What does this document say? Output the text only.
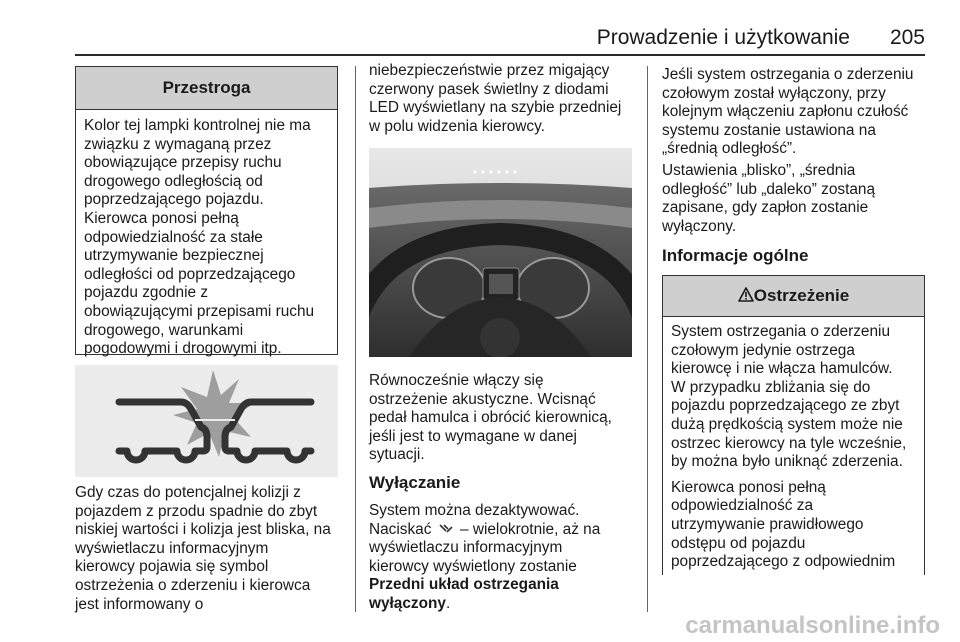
Prowadzenie i użytkowanie 205
Przestroga

Kolor tej lampki kontrolnej nie ma

związku z wymaganą przez

obowiązujące przepisy ruchu

drogowego odległością od

poprzedzającego pojazdu.

Kierowca ponosi pełną

odpowiedzialność za stałe

utrzymywanie bezpiecznej

odległości od poprzedzającego

pojazdu zgodnie z

obowiązującymi przepisami ruchu

drogowego, warunkami

pogodowymi i drogowymi itp.

Gdy czas do potencjalnej kolizji z

pojazdem z przodu spadnie do zbyt

niskiej wartości i kolizja jest bliska, na

wyświetlaczu informacyjnym

kierowcy pojawia się symbol

ostrzeżenia o zderzeniu i kierowca

jest informowany o

niebezpieczeństwie przez migający

czerwony pasek świetlny z diodami

LED wyświetlany na szybie przedniej

w polu widzenia kierowcy.

Równocześnie włączy się

ostrzeżenie akustyczne. Wcisnąć

pedał hamulca i obrócić kierownicą,

jeśli jest to wymagane w danej

sytuacji.

Wyłączanie

System można dezaktywować.

Naciskać – wielokrotnie, aż na

wyświetlaczu informacyjnym

kierowcy wyświetlony zostanie

Przedni układ ostrzegania

wyłączony.

Jeśli system ostrzegania o zderzeniu

czołowym został wyłączony, przy

kolejnym włączeniu zapłonu czułość

systemu zostanie ustawiona na

„średnią odległość”.

Ustawienia „blisko”, „średnia

odległość” lub „daleko” zostaną

zapisane, gdy zapłon zostanie

wyłączony.

Informacje ogólne
Ostrzeżenie

System ostrzegania o zderzeniu

czołowym jedynie ostrzega

kierowcę i nie włącza hamulców.

W przypadku zbliżania się do

pojazdu poprzedzającego ze zbyt

dużą prędkością system może nie

ostrzec kierowcy na tyle wcześnie,

by można było uniknąć zderzenia.

Kierowca ponosi pełną

odpowiedzialność za

utrzymywanie prawidłowego

odstępu od pojazdu

poprzedzającego z odpowiednim

carmanualsonline.info
